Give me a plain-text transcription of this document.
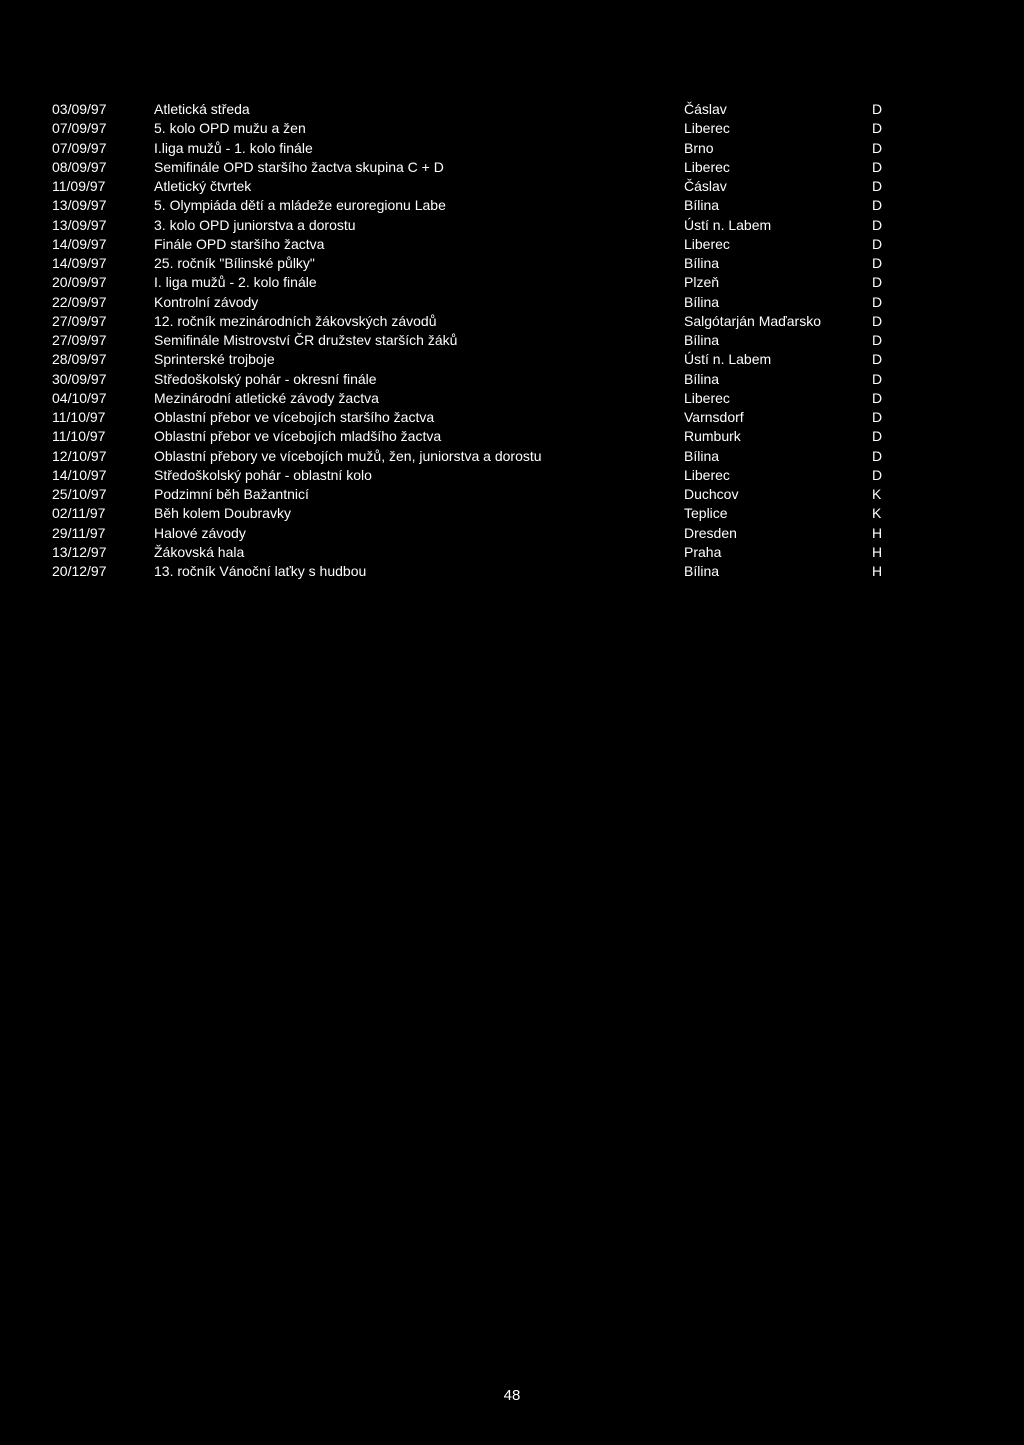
03/09/97	Atletická středa	Čáslav	D
07/09/97	5. kolo OPD mužu a žen	Liberec	D
07/09/97	I.liga mužů - 1. kolo finále	Brno	D
08/09/97	Semifinále OPD staršího žactva skupina C + D	Liberec	D
11/09/97	Atletický čtvrtek	Čáslav	D
13/09/97	5. Olympiáda dětí a mládeže euroregionu Labe	Bílina	D
13/09/97	3. kolo OPD juniorstva a dorostu	Ústí n. Labem	D
14/09/97	Finále OPD staršího žactva	Liberec	D
14/09/97	25. ročník "Bílinské půlky"	Bílina	D
20/09/97	I. liga mužů - 2. kolo finále	Plzeň	D
22/09/97	Kontrolní závody	Bílina	D
27/09/97	12. ročník mezinárodních žákovských závodů	Salgótarján Maďarsko	D
27/09/97	Semifinále Mistrovství ČR družstev starších žáků	Bílina	D
28/09/97	Sprinterské trojboje	Ústí n. Labem	D
30/09/97	Středoškolský pohár - okresní finále	Bílina	D
04/10/97	Mezinárodní atletické závody žactva	Liberec	D
11/10/97	Oblastní přebor ve vícebojích staršího žactva	Varnsdorf	D
11/10/97	Oblastní přebor ve vícebojích mladšího žactva	Rumburk	D
12/10/97	Oblastní přebory ve vícebojích mužů, žen, juniorstva a dorostu	Bílina	D
14/10/97	Středoškolský pohár - oblastní kolo	Liberec	D
25/10/97	Podzimní běh Bažantnicí	Duchcov	K
02/11/97	Běh kolem Doubravky	Teplice	K
29/11/97	Halové závody	Dresden	H
13/12/97	Žákovská hala	Praha	H
20/12/97	13. ročník Vánoční laťky s hudbou	Bílina	H
48
